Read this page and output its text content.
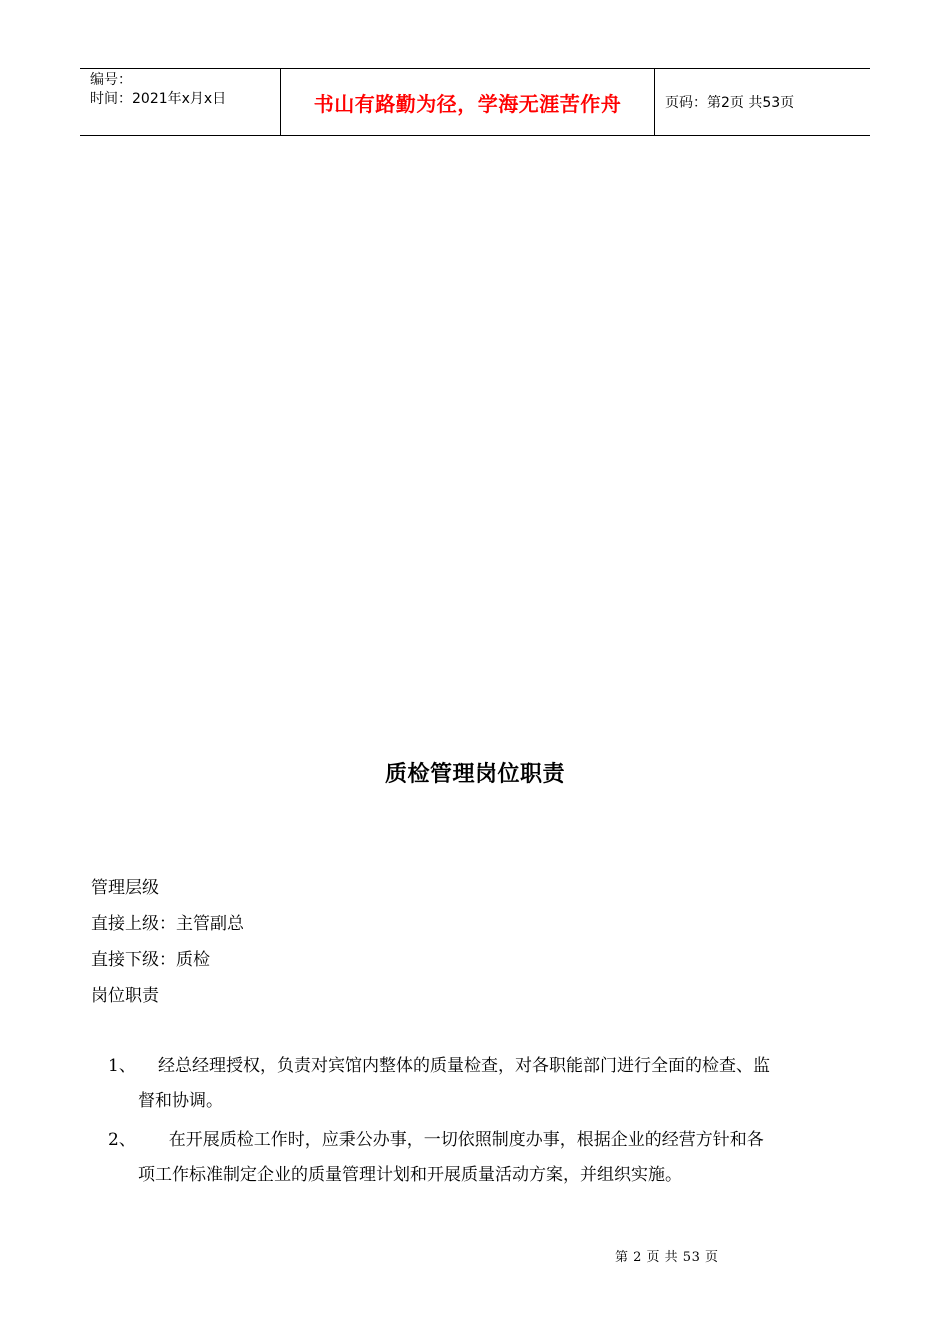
编号：
时间：2021年x月x日	书山有路勤为径，学海无涯苦作舟	页码：第2页 共53页
质检管理岗位职责
管理层级
直接上级：主管副总
直接下级：质检
岗位职责
1、 经总经理授权，负责对宾馆内整体的质量检查，对各职能部门进行全面的检查、监
督和协调。
2、  在开展质检工作时，应秉公办事，一切依照制度办事，根据企业的经营方针和各
项工作标准制定企业的质量管理计划和开展质量活动方案，并组织实施。
第 2 页 共 53 页
